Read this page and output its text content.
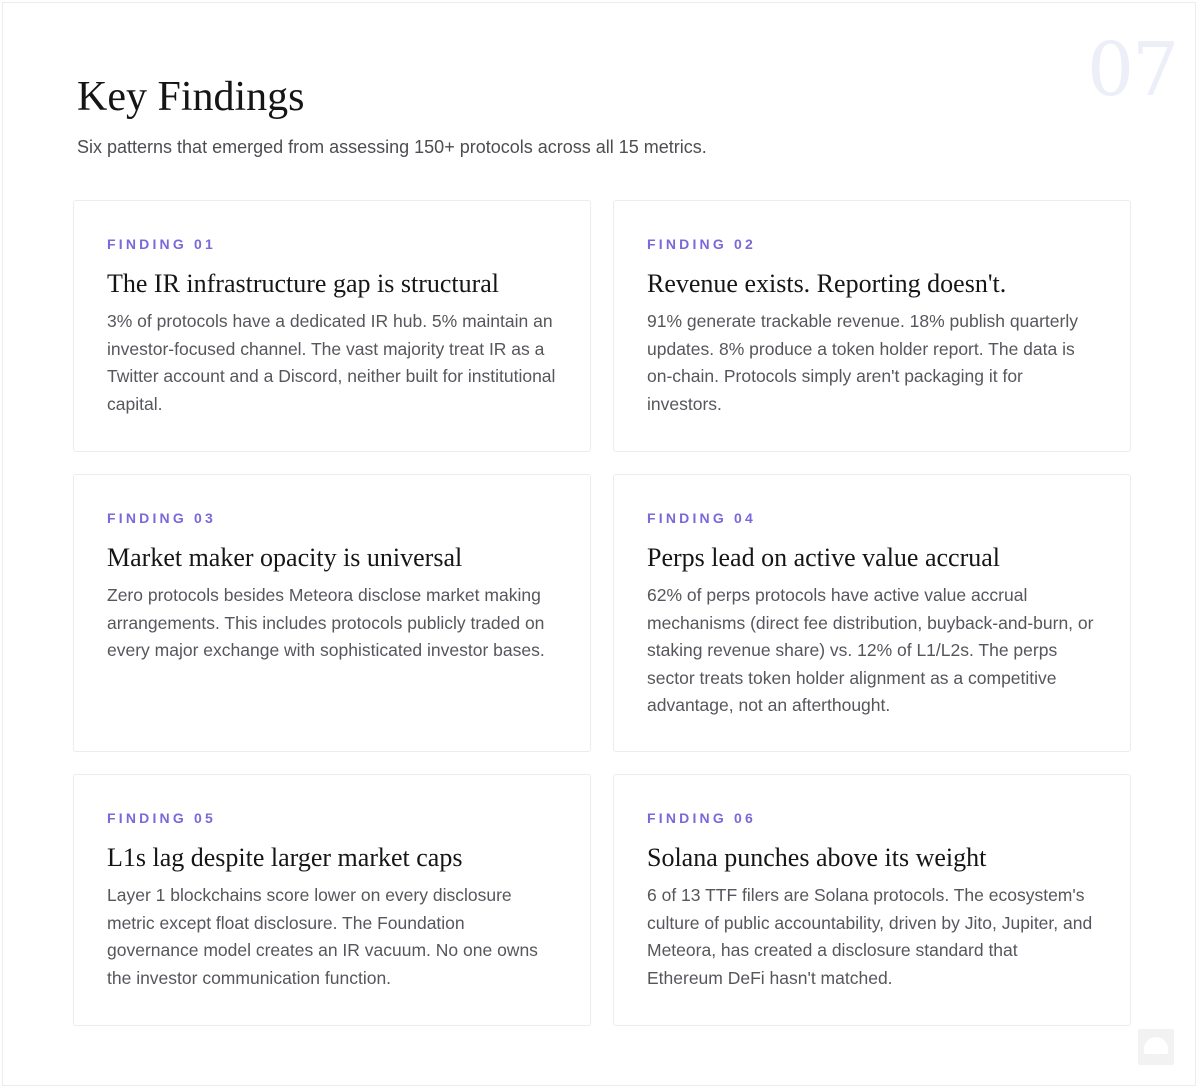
07
Key Findings

Six patterns that emerged from assessing 150+ protocols across all 15 metrics.

FINDING 01
The IR infrastructure gap is structural

3% of protocols have a dedicated IR hub. 5% maintain an investor-focused channel. The vast majority treat IR as a Twitter account and a Discord, neither built for institutional capital.

FINDING 02
Revenue exists. Reporting doesn't.

91% generate trackable revenue. 18% publish quarterly updates. 8% produce a token holder report. The data is on-chain. Protocols simply aren't packaging it for investors.

FINDING 03
Market maker opacity is universal

Zero protocols besides Meteora disclose market making arrangements. This includes protocols publicly traded on every major exchange with sophisticated investor bases.

FINDING 04
Perps lead on active value accrual

62% of perps protocols have active value accrual mechanisms (direct fee distribution, buyback-and-burn, or staking revenue share) vs. 12% of L1/L2s. The perps sector treats token holder alignment as a competitive advantage, not an afterthought.

FINDING 05
L1s lag despite larger market caps

Layer 1 blockchains score lower on every disclosure metric except float disclosure. The Foundation governance model creates an IR vacuum. No one owns the investor communication function.

FINDING 06
Solana punches above its weight

6 of 13 TTF filers are Solana protocols. The ecosystem's culture of public accountability, driven by Jito, Jupiter, and Meteora, has created a disclosure standard that Ethereum DeFi hasn't matched.
